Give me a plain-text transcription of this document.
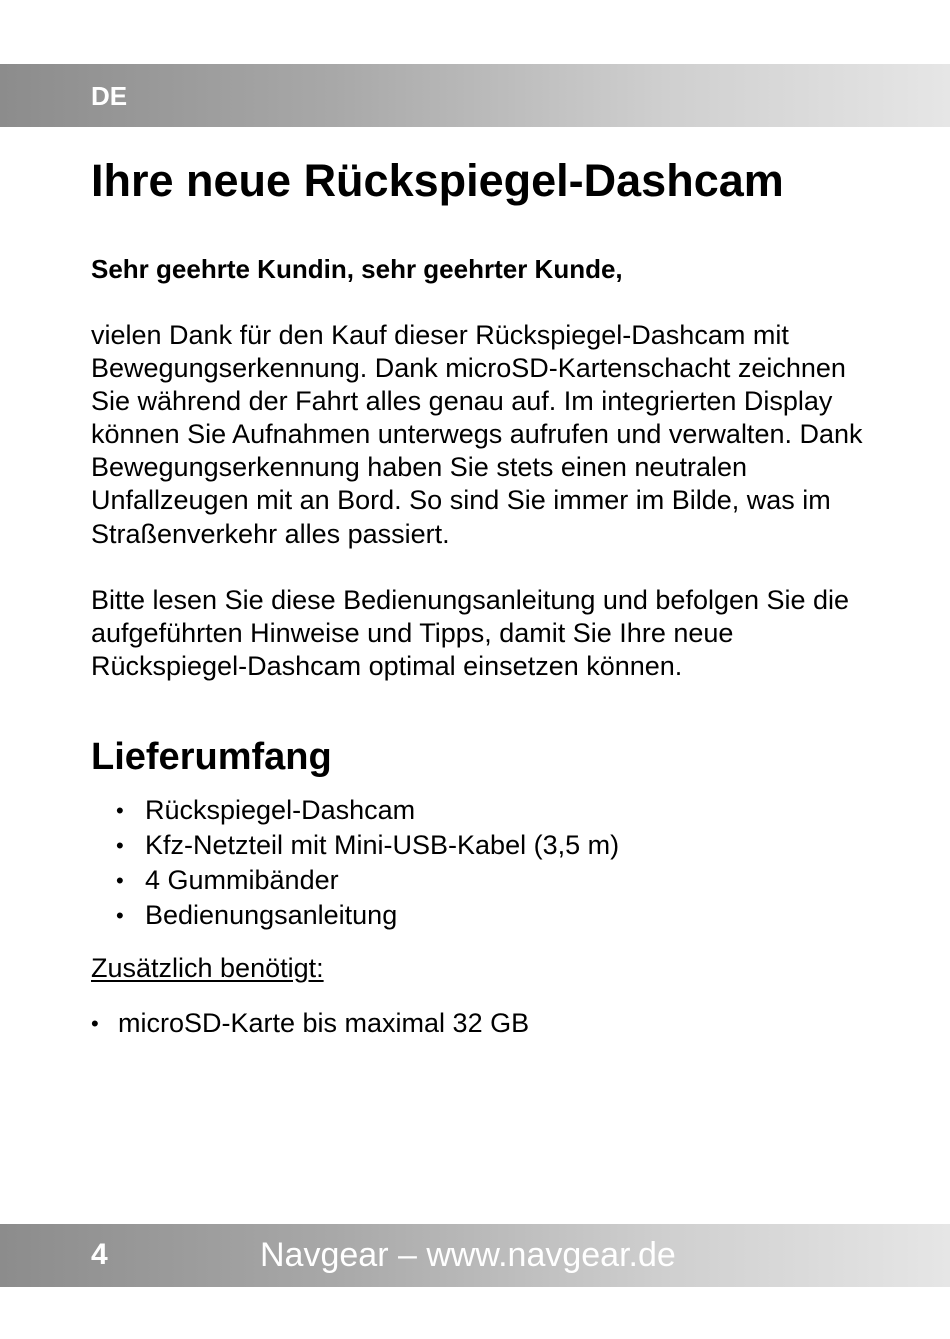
DE
Ihre neue Rückspiegel-Dashcam

Sehr geehrte Kundin, sehr geehrter Kunde,

vielen Dank für den Kauf dieser Rückspiegel-Dashcam mit Bewegungserkennung. Dank microSD-Kartenschacht zeichnen Sie während der Fahrt alles genau auf. Im integrierten Display können Sie Aufnahmen unterwegs aufrufen und verwalten. Dank Bewegungserkennung haben Sie stets einen neutralen Unfallzeugen mit an Bord. So sind Sie immer im Bilde, was im Straßenverkehr alles passiert.

Bitte lesen Sie diese Bedienungsanleitung und befolgen Sie die aufgeführten Hinweise und Tipps, damit Sie Ihre neue Rückspiegel-Dashcam optimal einsetzen können.

Lieferumfang
• Rückspiegel-Dashcam
• Kfz-Netzteil mit Mini-USB-Kabel (3,5 m)
• 4 Gummibänder
• Bedienungsanleitung

Zusätzlich benötigt:

• microSD-Karte bis maximal 32 GB
4	Navgear – www.navgear.de
